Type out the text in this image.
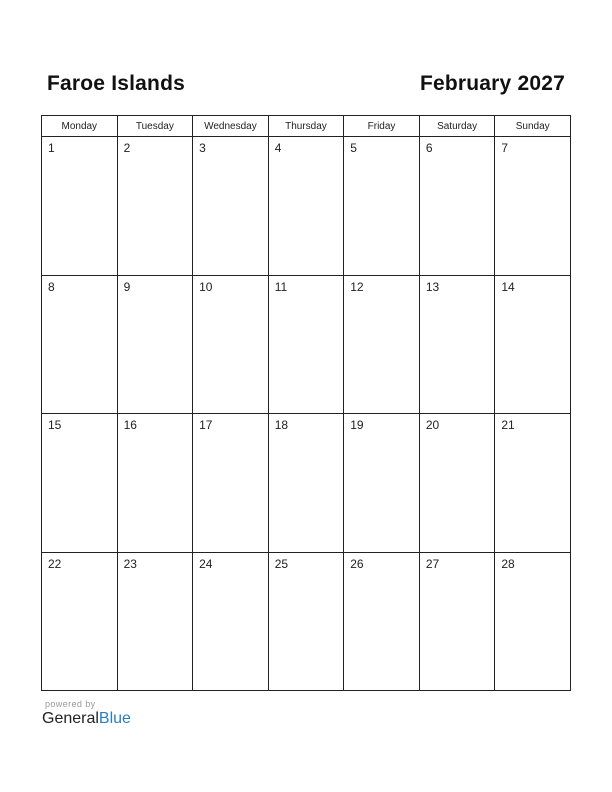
Faroe Islands	February 2027
Monday	Tuesday	Wednesday	Thursday	Friday	Saturday	Sunday

1	2	3	4	5	6	7

8	9	10	11	12	13	14

15	16	17	18	19	20	21

22	23	24	25	26	27	28
powered by
GeneralBlue
